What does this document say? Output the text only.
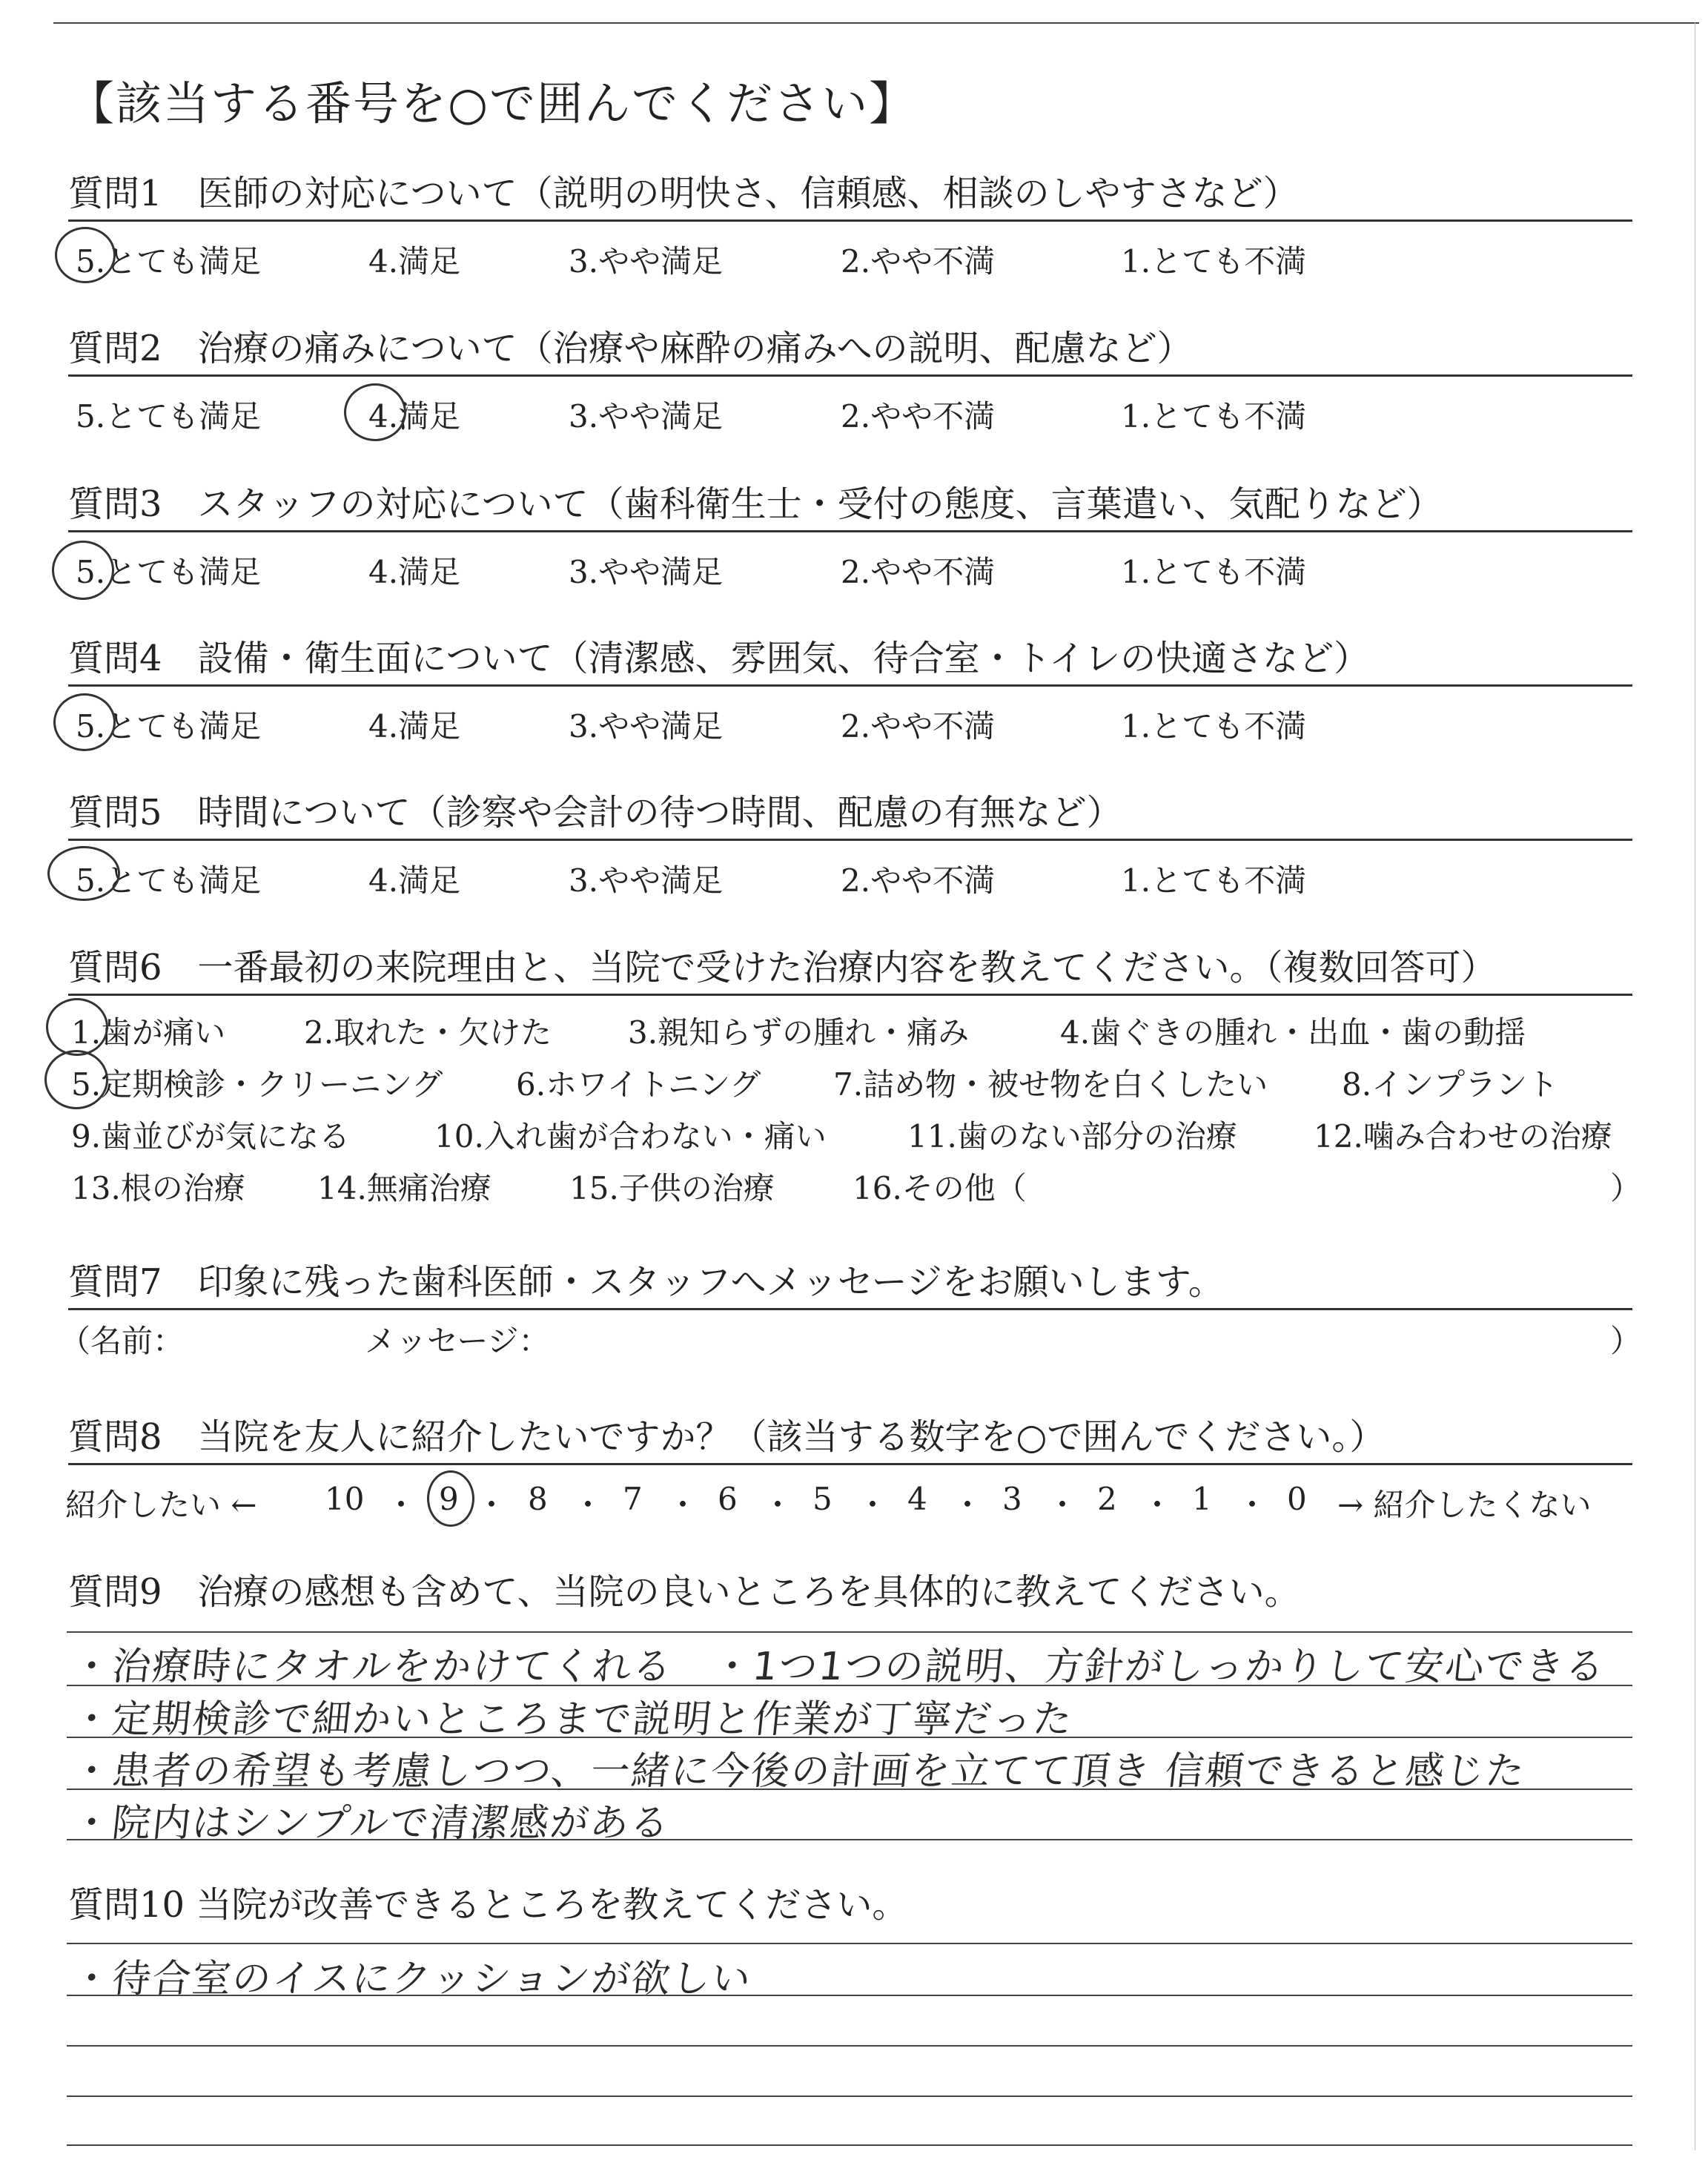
【該当する番号を○で囲んでください】
質問1　医師の対応について（説明の明快さ、信頼感、相談のしやすさなど）
5.とても満足	4.満足	3.やや満足	2.やや不満	1.とても不満
質問2　治療の痛みについて（治療や麻酔の痛みへの説明、配慮など）
5.とても満足	4.満足	3.やや満足	2.やや不満	1.とても不満
質問3　スタッフの対応について（歯科衛生士・受付の態度、言葉遣い、気配りなど）
5.とても満足	4.満足	3.やや満足	2.やや不満	1.とても不満
質問4　設備・衛生面について（清潔感、雰囲気、待合室・トイレの快適さなど）
5.とても満足	4.満足	3.やや満足	2.やや不満	1.とても不満
質問5　時間について（診察や会計の待つ時間、配慮の有無など）
5.とても満足	4.満足	3.やや満足	2.やや不満	1.とても不満
質問6　一番最初の来院理由と、当院で受けた治療内容を教えてください。（複数回答可）
1.歯が痛い	2.取れた・欠けた 3.親知らずの腫れ・痛み	4.歯ぐきの腫れ・出血・歯の動揺
5.定期検診・クリーニング 6.ホワイトニング 7.詰め物・被せ物を白くしたい 8.インプラント
9.歯並びが気になる	10.入れ歯が合わない・痛い	11.歯のない部分の治療 12.噛み合わせの治療
13.根の治療 14.無痛治療	15.子供の治療	16.その他（	）
質問7　印象に残った歯科医師・スタッフへメッセージをお願いします。
（名前：	メッセージ：	）
質問8　当院を友人に紹介したいですか？（該当する数字を○で囲んでください。）
紹介したい ← 10 ・ 9 ・ 8 ・ 7 ・ 6 ・ 5 ・ 4 ・ 3 ・ 2 ・ 1 ・ 0 → 紹介したくない
質問9　治療の感想も含めて、当院の良いところを具体的に教えてください。
・治療時にタオルをかけてくれる　・1つ1つの説明、方針がしっかりして安心できる
・定期検診で細かいところまで説明と作業が丁寧だった
・患者の希望も考慮しつつ、一緒に今後の計画を立てて頂き 信頼できると感じた
・院内はシンプルで清潔感がある
質問10 当院が改善できるところを教えてください。
・待合室のイスにクッションが欲しい
